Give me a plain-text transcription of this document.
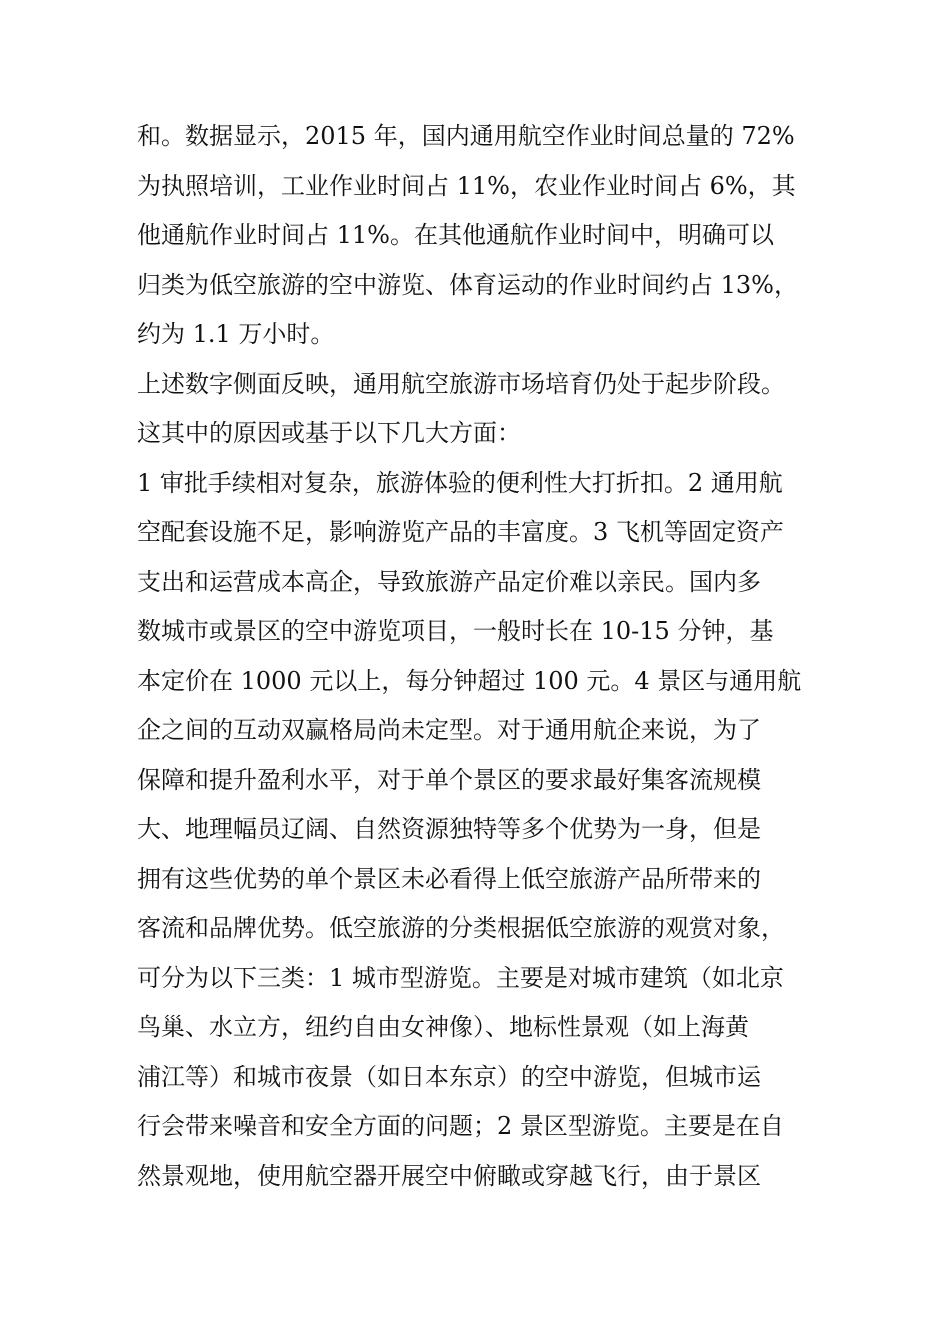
和。数据显示，2015 年，国内通用航空作业时间总量的 72%
为执照培训，工业作业时间占 11%，农业作业时间占 6%，其
他通航作业时间占 11%。在其他通航作业时间中，明确可以
归类为低空旅游的空中游览、体育运动的作业时间约占 13%，
约为 1.1 万小时。
上述数字侧面反映，通用航空旅游市场培育仍处于起步阶段。
这其中的原因或基于以下几大方面：
1 审批手续相对复杂，旅游体验的便利性大打折扣。2 通用航
空配套设施不足，影响游览产品的丰富度。3 飞机等固定资产
支出和运营成本高企，导致旅游产品定价难以亲民。国内多
数城市或景区的空中游览项目，一般时长在 10-15 分钟，基
本定价在 1000 元以上，每分钟超过 100 元。4 景区与通用航
企之间的互动双赢格局尚未定型。对于通用航企来说，为了
保障和提升盈利水平，对于单个景区的要求最好集客流规模
大、地理幅员辽阔、自然资源独特等多个优势为一身，但是
拥有这些优势的单个景区未必看得上低空旅游产品所带来的
客流和品牌优势。低空旅游的分类根据低空旅游的观赏对象，
可分为以下三类：1 城市型游览。主要是对城市建筑（如北京
鸟巢、水立方，纽约自由女神像）、地标性景观（如上海黄
浦江等）和城市夜景（如日本东京）的空中游览，但城市运
行会带来噪音和安全方面的问题；2 景区型游览。主要是在自
然景观地，使用航空器开展空中俯瞰或穿越飞行，由于景区
